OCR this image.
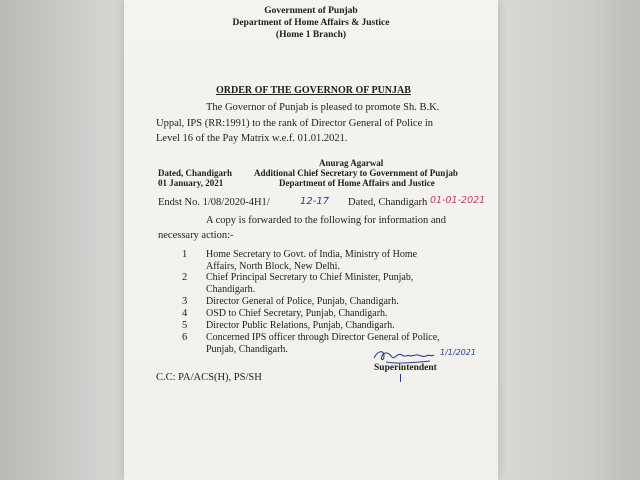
Government of Punjab
Department of Home Affairs & Justice
(Home 1 Branch)
ORDER OF THE GOVERNOR OF PUNJAB
The Governor of Punjab is pleased to promote Sh. B.K.
Uppal, IPS (RR:1991) to the rank of Director General of Police in
Level 16 of the Pay Matrix w.e.f. 01.01.2021.
Anurag Agarwal
Additional Chief Secretary to Government of Punjab
Department of Home Affairs and Justice
Dated, Chandigarh
01 January, 2021
Endst No. 1/08/2020-4H1/	12-17 Dated, Chandigarh 01-01-2021
A copy is forwarded to the following for information and
necessary action:-
1 Home Secretary to Govt. of India, Ministry of Home Affairs, North Block, New Delhi.
2 Chief Principal Secretary to Chief Minister, Punjab, Chandigarh.
3 Director General of Police, Punjab, Chandigarh.
4 OSD to Chief Secretary, Punjab, Chandigarh.
5 Director Public Relations, Punjab, Chandigarh.
6 Concerned IPS officer through Director General of Police, Punjab, Chandigarh.	1/1/2021
Superintendent
C.C: PA/ACS(H), PS/SH
